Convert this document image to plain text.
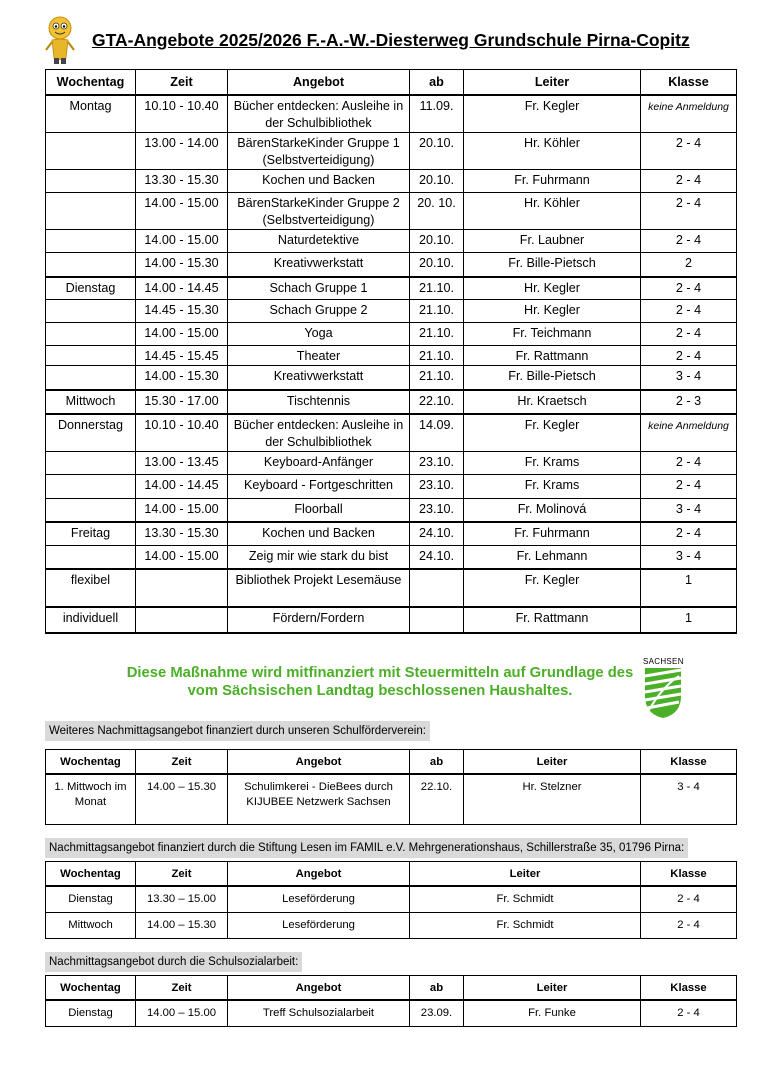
GTA-Angebote 2025/2026 F.-A.-W.-Diesterweg Grundschule Pirna-Copitz
Wochentag	Zeit	Angebot	ab	Leiter	Klasse
Montag	10.10 - 10.40	Bücher entdecken: Ausleihe in der Schulbibliothek	11.09.	Fr. Kegler	keine Anmeldung
	13.00 - 14.00	BärenStarkeKinder Gruppe 1 (Selbstverteidigung)	20.10.	Hr. Köhler	2 - 4
	13.30 - 15.30	Kochen und Backen	20.10.	Fr. Fuhrmann	2 - 4
	14.00 - 15.00	BärenStarkeKinder Gruppe 2 (Selbstverteidigung)	20. 10.	Hr. Köhler	2 - 4
	14.00 - 15.00	Naturdetektive	20.10.	Fr. Laubner	2 - 4
	14.00 - 15.30	Kreativwerkstatt	20.10.	Fr. Bille-Pietsch	2
Dienstag	14.00 - 14.45	Schach Gruppe 1	21.10.	Hr. Kegler	2 - 4
	14.45 - 15.30	Schach Gruppe 2	21.10.	Hr. Kegler	2 - 4
	14.00 - 15.00	Yoga	21.10.	Fr. Teichmann	2 - 4
	14.45 - 15.45	Theater	21.10.	Fr. Rattmann	2 - 4
	14.00 - 15.30	Kreativwerkstatt	21.10.	Fr. Bille-Pietsch	3 - 4
Mittwoch	15.30 - 17.00	Tischtennis	22.10.	Hr. Kraetsch	2 - 3
Donnerstag	10.10 - 10.40	Bücher entdecken: Ausleihe in der Schulbibliothek	14.09.	Fr. Kegler	keine Anmeldung
	13.00 - 13.45	Keyboard-Anfänger	23.10.	Fr. Krams	2 - 4
	14.00 - 14.45	Keyboard - Fortgeschritten	23.10.	Fr. Krams	2 - 4
	14.00 - 15.00	Floorball	23.10.	Fr. Molinová	3 - 4
Freitag	13.30 - 15.30	Kochen und Backen	24.10.	Fr. Fuhrmann	2 - 4
	14.00 - 15.00	Zeig mir wie stark du bist	24.10.	Fr. Lehmann	3 - 4
flexibel		Bibliothek Projekt Lesemäuse		Fr. Kegler	1
individuell		Fördern/Fordern		Fr. Rattmann	1
Diese Maßnahme wird mitfinanziert mit Steuermitteln auf Grundlage des vom Sächsischen Landtag beschlossenen Haushaltes.
SACHSEN
Weiteres Nachmittagsangebot finanziert durch unseren Schulförderverein:
Wochentag	Zeit	Angebot	ab	Leiter	Klasse
1. Mittwoch im Monat	14.00 – 15.30	Schulimkerei - DieBees durch KIJUBEE Netzwerk Sachsen	22.10.	Hr. Stelzner	3 - 4
Nachmittagsangebot finanziert durch die Stiftung Lesen im FAMIL e.V. Mehrgenerationshaus, Schillerstraße 35, 01796 Pirna:
Wochentag	Zeit	Angebot	Leiter	Klasse
Dienstag	13.30 – 15.00	Leseförderung	Fr. Schmidt	2 - 4
Mittwoch	14.00 – 15.30	Leseförderung	Fr. Schmidt	2 - 4
Nachmittagsangebot durch die Schulsozialarbeit:
Wochentag	Zeit	Angebot	ab	Leiter	Klasse
Dienstag	14.00 – 15.00	Treff Schulsozialarbeit	23.09.	Fr. Funke	2 - 4
